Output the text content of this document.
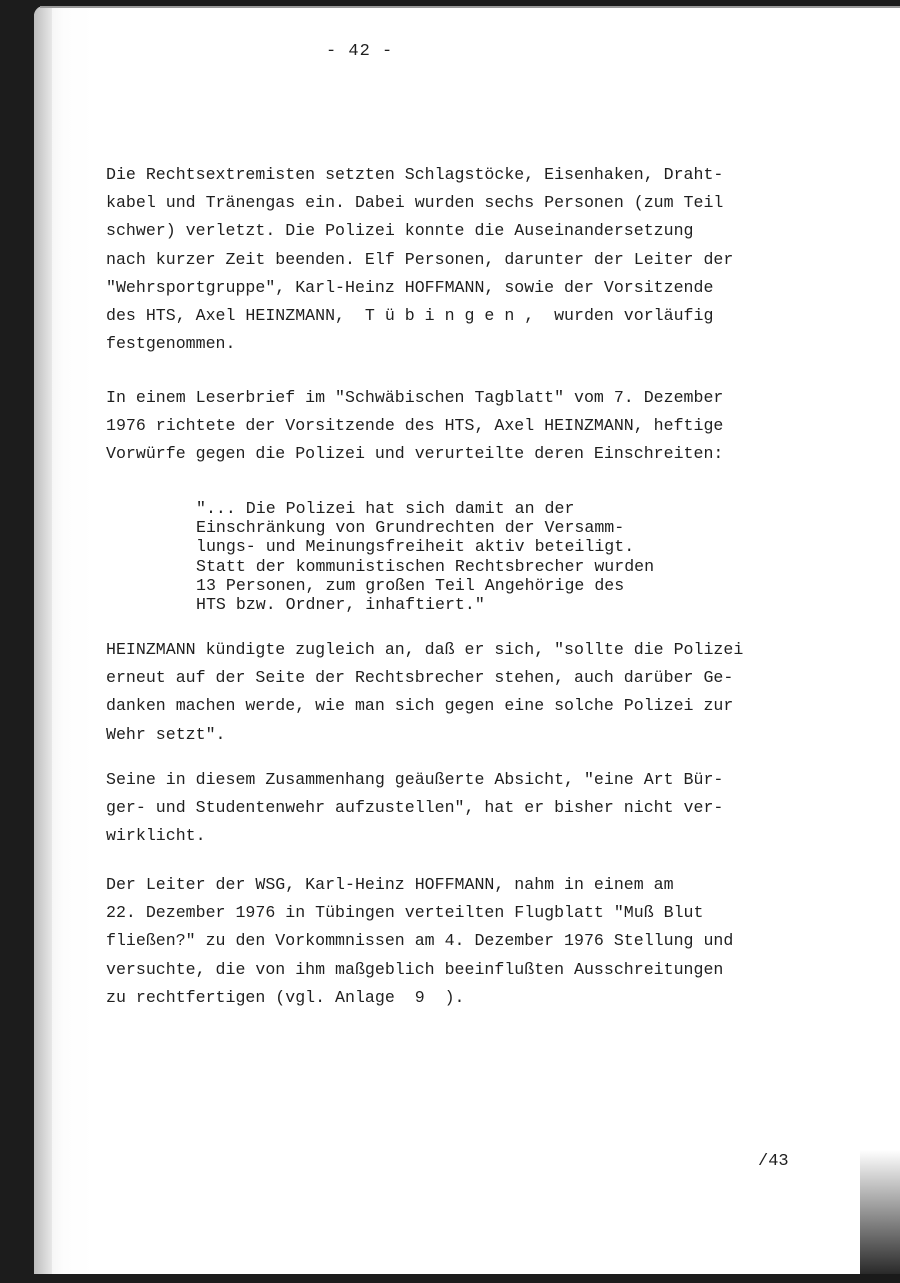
- 42 -

Die Rechtsextremisten setzten Schlagstöcke, Eisenhaken, Draht-
kabel und Tränengas ein. Dabei wurden sechs Personen (zum Teil
schwer) verletzt. Die Polizei konnte die Auseinandersetzung
nach kurzer Zeit beenden. Elf Personen, darunter der Leiter der
"Wehrsportgruppe", Karl-Heinz HOFFMANN, sowie der Vorsitzende
des HTS, Axel HEINZMANN,  T ü b i n g e n ,  wurden vorläufig
festgenommen.

In einem Leserbrief im "Schwäbischen Tagblatt" vom 7. Dezember
1976 richtete der Vorsitzende des HTS, Axel HEINZMANN, heftige
Vorwürfe gegen die Polizei und verurteilte deren Einschreiten:

"... Die Polizei hat sich damit an der
Einschränkung von Grundrechten der Versamm-
lungs- und Meinungsfreiheit aktiv beteiligt.
Statt der kommunistischen Rechtsbrecher wurden
13 Personen, zum großen Teil Angehörige des
HTS bzw. Ordner, inhaftiert."

HEINZMANN kündigte zugleich an, daß er sich, "sollte die Polizei
erneut auf der Seite der Rechtsbrecher stehen, auch darüber Ge-
danken machen werde, wie man sich gegen eine solche Polizei zur
Wehr setzt".

Seine in diesem Zusammenhang geäußerte Absicht, "eine Art Bür-
ger- und Studentenwehr aufzustellen", hat er bisher nicht ver-
wirklicht.

Der Leiter der WSG, Karl-Heinz HOFFMANN, nahm in einem am
22. Dezember 1976 in Tübingen verteilten Flugblatt "Muß Blut
fließen?" zu den Vorkommnissen am 4. Dezember 1976 Stellung und
versuchte, die von ihm maßgeblich beeinflußten Ausschreitungen
zu rechtfertigen (vgl. Anlage  9  ).

/43
